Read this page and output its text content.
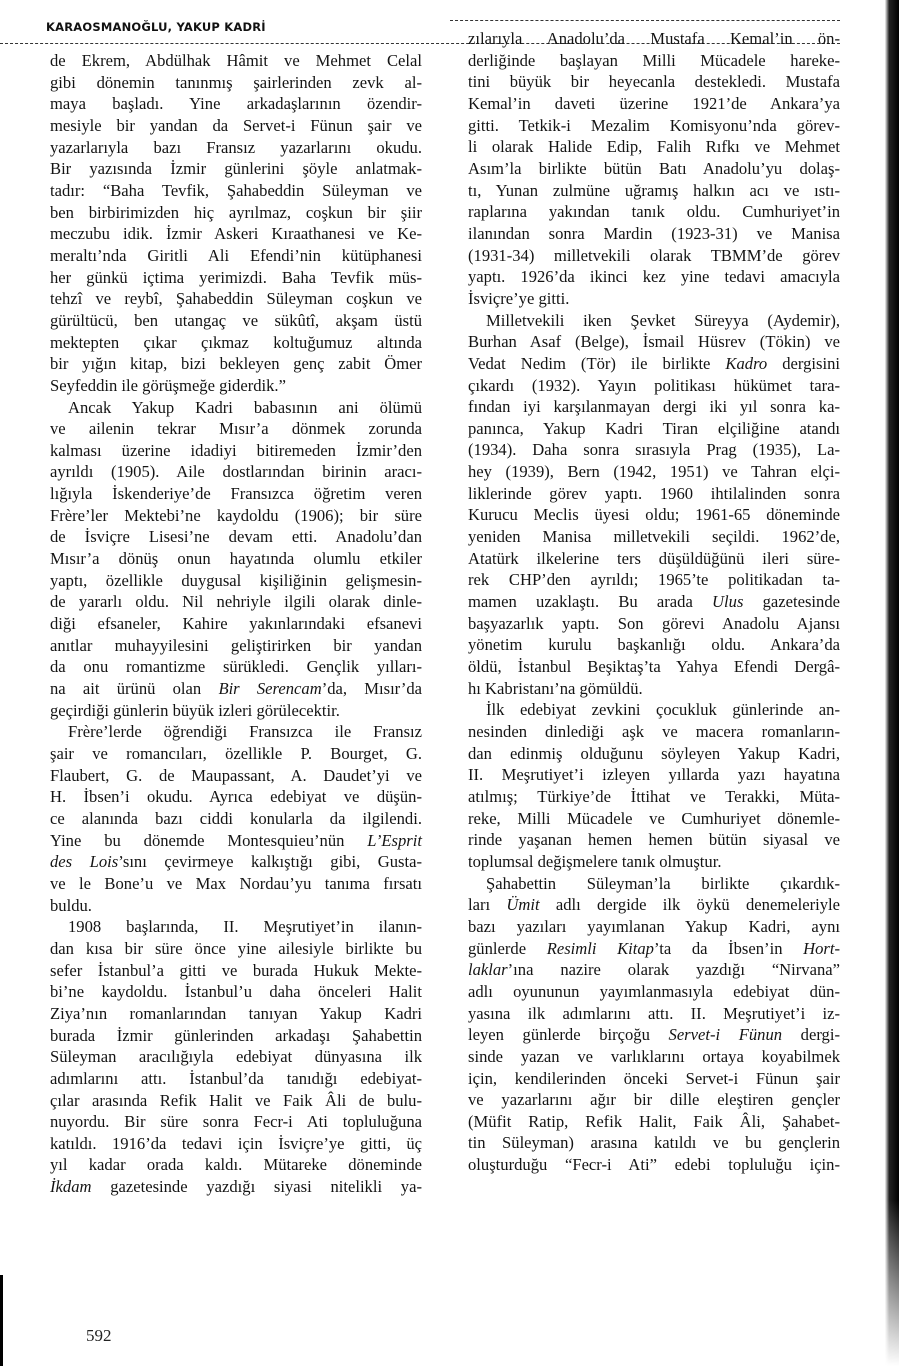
KARAOSMANOĞLU, YAKUP KADRİ
de Ekrem, Abdülhak Hâmit ve Mehmet Celal
gibi dönemin tanınmış şairlerinden zevk al-
maya başladı. Yine arkadaşlarının özendir-
mesiyle bir yandan da Servet-i Fünun şair ve
yazarlarıyla bazı Fransız yazarlarını okudu.
Bir yazısında İzmir günlerini şöyle anlatmak-
tadır: “Baha Tevfik, Şahabeddin Süleyman ve
ben birbirimizden hiç ayrılmaz, coşkun bir şiir
meczubu idik. İzmir Askeri Kıraathanesi ve Ke-
meraltı’nda Giritli Ali Efendi’nin kütüphanesi
her günkü içtima yerimizdi. Baha Tevfik müs-
tehzî ve reybî, Şahabeddin Süleyman coşkun ve
gürültücü, ben utangaç ve sükûtî, akşam üstü
mektepten çıkar çıkmaz koltuğumuz altında
bir yığın kitap, bizi bekleyen genç zabit Ömer
Seyfeddin ile görüşmeğe giderdik.”
Ancak Yakup Kadri babasının ani ölümü
ve ailenin tekrar Mısır’a dönmek zorunda
kalması üzerine idadiyi bitiremeden İzmir’den
ayrıldı (1905). Aile dostlarından birinin aracı-
lığıyla İskenderiye’de Fransızca öğretim veren
Frère’ler Mektebi’ne kaydoldu (1906); bir süre
de İsviçre Lisesi’ne devam etti. Anadolu’dan
Mısır’a dönüş onun hayatında olumlu etkiler
yaptı, özellikle duygusal kişiliğinin gelişmesin-
de yararlı oldu. Nil nehriyle ilgili olarak dinle-
diği efsaneler, Kahire yakınlarındaki efsanevi
anıtlar muhayyilesini geliştirirken bir yandan
da onu romantizme sürükledi. Gençlik yılları-
na ait ürünü olan Bir Serencam’da, Mısır’da
geçirdiği günlerin büyük izleri görülecektir.
Frère’lerde öğrendiği Fransızca ile Fransız
şair ve romancıları, özellikle P. Bourget, G.
Flaubert, G. de Maupassant, A. Daudet’yi ve
H. İbsen’i okudu. Ayrıca edebiyat ve düşün-
ce alanında bazı ciddi konularla da ilgilendi.
Yine bu dönemde Montesquieu’nün L’Esprit
des Lois’sını çevirmeye kalkıştığı gibi, Gusta-
ve le Bone’u ve Max Nordau’yu tanıma fırsatı
buldu.
1908 başlarında, II. Meşrutiyet’in ilanın-
dan kısa bir süre önce yine ailesiyle birlikte bu
sefer İstanbul’a gitti ve burada Hukuk Mekte-
bi’ne kaydoldu. İstanbul’u daha önceleri Halit
Ziya’nın romanlarından tanıyan Yakup Kadri
burada İzmir günlerinden arkadaşı Şahabettin
Süleyman aracılığıyla edebiyat dünyasına ilk
adımlarını attı. İstanbul’da tanıdığı edebiyat-
çılar arasında Refik Halit ve Faik Âli de bulu-
nuyordu. Bir süre sonra Fecr-i Ati topluluğuna
katıldı. 1916’da tedavi için İsviçre’ye gitti, üç
yıl kadar orada kaldı. Mütareke döneminde
İkdam gazetesinde yazdığı siyasi nitelikli ya-
zılarıyla Anadolu’da Mustafa Kemal’in ön-
derliğinde başlayan Milli Mücadele hareke-
tini büyük bir heyecanla destekledi. Mustafa
Kemal’in daveti üzerine 1921’de Ankara’ya
gitti. Tetkik-i Mezalim Komisyonu’nda görev-
li olarak Halide Edip, Falih Rıfkı ve Mehmet
Asım’la birlikte bütün Batı Anadolu’yu dolaş-
tı, Yunan zulmüne uğramış halkın acı ve ıstı-
raplarına yakından tanık oldu. Cumhuriyet’in
ilanından sonra Mardin (1923-31) ve Manisa
(1931-34) milletvekili olarak TBMM’de görev
yaptı. 1926’da ikinci kez yine tedavi amacıyla
İsviçre’ye gitti.
Milletvekili iken Şevket Süreyya (Aydemir),
Burhan Asaf (Belge), İsmail Hüsrev (Tökin) ve
Vedat Nedim (Tör) ile birlikte Kadro dergisini
çıkardı (1932). Yayın politikası hükümet tara-
fından iyi karşılanmayan dergi iki yıl sonra ka-
panınca, Yakup Kadri Tiran elçiliğine atandı
(1934). Daha sonra sırasıyla Prag (1935), La-
hey (1939), Bern (1942, 1951) ve Tahran elçi-
liklerinde görev yaptı. 1960 ihtilalinden sonra
Kurucu Meclis üyesi oldu; 1961-65 döneminde
yeniden Manisa milletvekili seçildi. 1962’de,
Atatürk ilkelerine ters düşüldüğünü ileri süre-
rek CHP’den ayrıldı; 1965’te politikadan ta-
mamen uzaklaştı. Bu arada Ulus gazetesinde
başyazarlık yaptı. Son görevi Anadolu Ajansı
yönetim kurulu başkanlığı oldu. Ankara’da
öldü, İstanbul Beşiktaş’ta Yahya Efendi Dergâ-
hı Kabristanı’na gömüldü.
İlk edebiyat zevkini çocukluk günlerinde an-
nesinden dinlediği aşk ve macera romanların-
dan edinmiş olduğunu söyleyen Yakup Kadri,
II. Meşrutiyet’i izleyen yıllarda yazı hayatına
atılmış; Türkiye’de İttihat ve Terakki, Müta-
reke, Milli Mücadele ve Cumhuriyet dönemle-
rinde yaşanan hemen hemen bütün siyasal ve
toplumsal değişmelere tanık olmuştur.
Şahabettin Süleyman’la birlikte çıkardık-
ları Ümit adlı dergide ilk öykü denemeleriyle
bazı yazıları yayımlanan Yakup Kadri, aynı
günlerde Resimli Kitap’ta da İbsen’in Hort-
laklar’ına nazire olarak yazdığı “Nirvana”
adlı oyununun yayımlanmasıyla edebiyat dün-
yasına ilk adımlarını attı. II. Meşrutiyet’i iz-
leyen günlerde birçoğu Servet-i Fünun dergi-
sinde yazan ve varlıklarını ortaya koyabilmek
için, kendilerinden önceki Servet-i Fünun şair
ve yazarlarını ağır bir dille eleştiren gençler
(Müfit Ratip, Refik Halit, Faik Âli, Şahabet-
tin Süleyman) arasına katıldı ve bu gençlerin
oluşturduğu “Fecr-i Ati” edebi topluluğu için-
592
